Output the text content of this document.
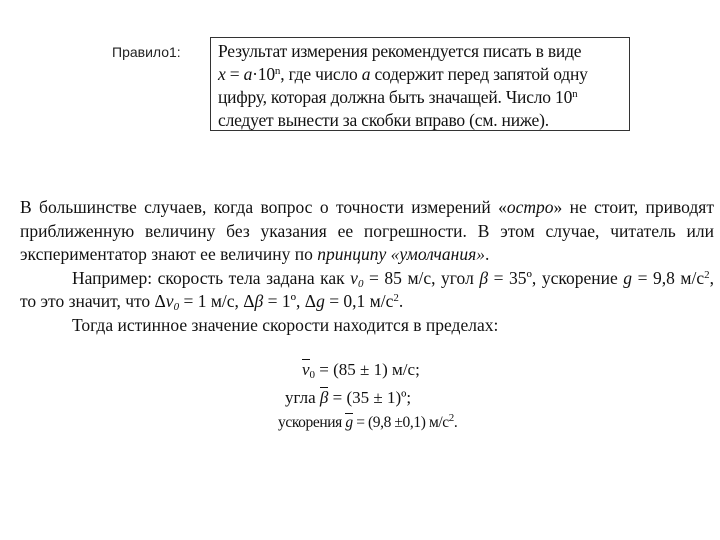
Правило1: Результат измерения рекомендуется писать в виде
$x = a\cdot 10^n$, где число a содержит перед запятой одну
цифру, которая должна быть значащей. Число 10$^n$
следует вынести за скобки вправо (см. ниже).

В большинстве случаев, когда вопрос о точности измерений «остро» не стоит, приводят приближенную величину без указания ее погрешности. В этом случае, читатель или экспериментатор знают ее величину по принципу «умолчания».

Например: скорость тела задана как $v_0 = 85$ м/с, угол β = 35º, ускорение g = 9,8 $м/с^2$, то это значит, что $\Delta v_0 = 1$ м/с, Δβ = 1º, Δg = 0,1 $м/с^2$.

Тогда истинное значение скорости находится в пределах:

$v_0 = (85 \pm 1)$ м/с;
угла β = (35 ± 1)º;
ускорения g = (9,8 ±0,1) $м/с^2$.
